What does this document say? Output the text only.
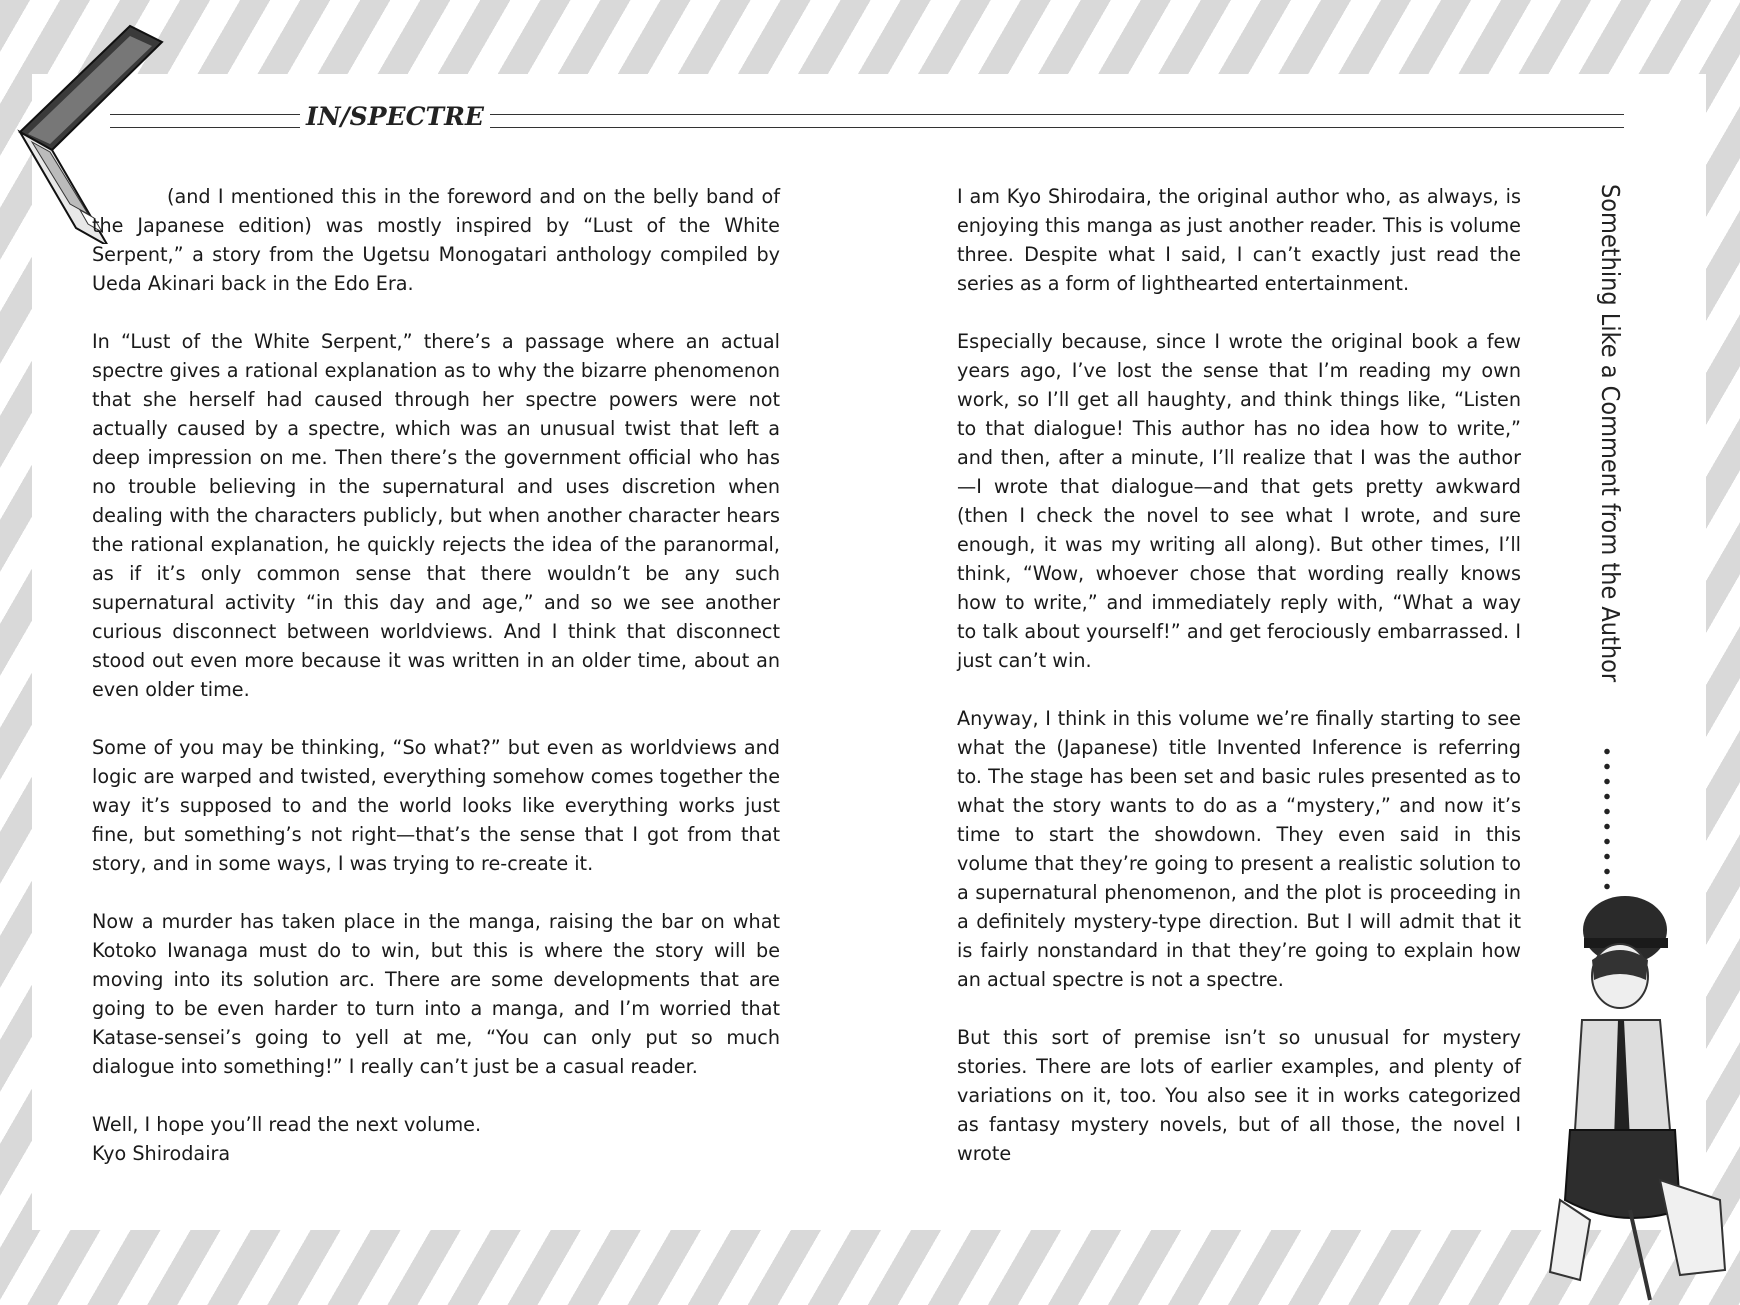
IN/SPECTRE

(and I mentioned this in the foreword and on the belly band of the Japanese edition) was mostly inspired by “Lust of the White Serpent,” a story from the Ugetsu Monogatari anthology compiled by Ueda Akinari back in the Edo Era.

In “Lust of the White Serpent,” there’s a passage where an actual spectre gives a rational explanation as to why the bizarre phenomenon that she herself had caused through her spectre powers were not actually caused by a spectre, which was an unusual twist that left a deep impression on me. Then there’s the government official who has no trouble believing in the supernatural and uses discretion when dealing with the characters publicly, but when another character hears the rational explanation, he quickly rejects the idea of the paranormal, as if it’s only common sense that there wouldn’t be any such supernatural activity “in this day and age,” and so we see another curious disconnect between worldviews. And I think that disconnect stood out even more because it was written in an older time, about an even older time.

Some of you may be thinking, “So what?” but even as worldviews and logic are warped and twisted, everything somehow comes together the way it’s supposed to and the world looks like everything works just fine, but something’s not right—that’s the sense that I got from that story, and in some ways, I was trying to re-create it.

Now a murder has taken place in the manga, raising the bar on what Kotoko Iwanaga must do to win, but this is where the story will be moving into its solution arc. There are some developments that are going to be even harder to turn into a manga, and I’m worried that Katase-sensei’s going to yell at me, “You can only put so much dialogue into something!” I really can’t just be a casual reader.

Well, I hope you’ll read the next volume.

Kyo Shirodaira

I am Kyo Shirodaira, the original author who, as always, is enjoying this manga as just another reader. This is volume three. Despite what I said, I can’t exactly just read the series as a form of lighthearted entertainment.

Especially because, since I wrote the original book a few years ago, I’ve lost the sense that I’m reading my own work, so I’ll get all haughty, and think things like, “Listen to that dialogue! This author has no idea how to write,” and then, after a minute, I’ll realize that I was the author—I wrote that dialogue—and that gets pretty awkward (then I check the novel to see what I wrote, and sure enough, it was my writing all along). But other times, I’ll think, “Wow, whoever chose that wording really knows how to write,” and immediately reply with, “What a way to talk about yourself!” and get ferociously embarrassed. I just can’t win.

Anyway, I think in this volume we’re finally starting to see what the (Japanese) title Invented Inference is referring to. The stage has been set and basic rules presented as to what the story wants to do as a “mystery,” and now it’s time to start the showdown. They even said in this volume that they’re going to present a realistic solution to a supernatural phenomenon, and the plot is proceeding in a definitely mystery-type direction. But I will admit that it is fairly nonstandard in that they’re going to explain how an actual spectre is not a spectre.

But this sort of premise isn’t so unusual for mystery stories. There are lots of earlier examples, and plenty of variations on it, too. You also see it in works categorized as fantasy mystery novels, but of all those, the novel I wrote

Something Like a Comment from the Author
